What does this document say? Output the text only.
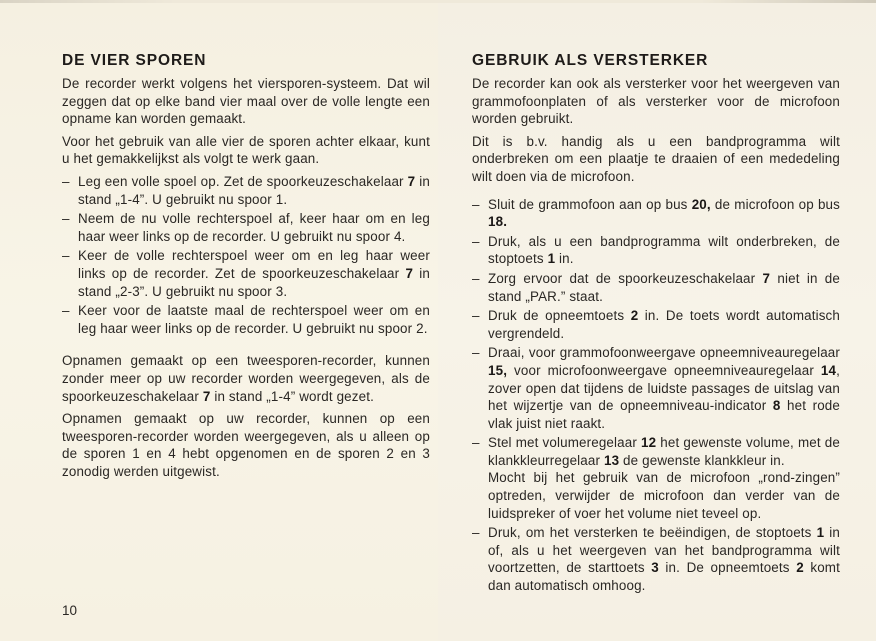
DE VIER SPOREN

De recorder werkt volgens het viersporen-systeem. Dat wil zeggen dat op elke band vier maal over de volle lengte een opname kan worden gemaakt.

Voor het gebruik van alle vier de sporen achter elkaar, kunt u het gemakkelijkst als volgt te werk gaan.

– Leg een volle spoel op. Zet de spoorkeuzeschakelaar 7 in stand „1-4”. U gebruikt nu spoor 1.
– Neem de nu volle rechterspoel af, keer haar om en leg haar weer links op de recorder. U gebruikt nu spoor 4.
– Keer de volle rechterspoel weer om en leg haar weer links op de recorder. Zet de spoorkeuzeschakelaar 7 in stand „2-3”. U gebruikt nu spoor 3.
– Keer voor de laatste maal de rechterspoel weer om en leg haar weer links op de recorder. U gebruikt nu spoor 2.

Opnamen gemaakt op een tweesporen-recorder, kunnen zonder meer op uw recorder worden weergegeven, als de spoorkeuzeschakelaar 7 in stand „1-4” wordt gezet.

Opnamen gemaakt op uw recorder, kunnen op een tweesporen-recorder worden weergegeven, als u alleen op de sporen 1 en 4 hebt opgenomen en de sporen 2 en 3 zonodig werden uitgewist.

10
GEBRUIK ALS VERSTERKER

De recorder kan ook als versterker voor het weergeven van grammofoonplaten of als versterker voor de microfoon worden gebruikt.

Dit is b.v. handig als u een bandprogramma wilt onderbreken om een plaatje te draaien of een mededeling wilt doen via de microfoon.

– Sluit de grammofoon aan op bus 20, de microfoon op bus 18.
– Druk, als u een bandprogramma wilt onderbreken, de stoptoets 1 in.
– Zorg ervoor dat de spoorkeuzeschakelaar 7 niet in de stand „PAR.” staat.
– Druk de opneemtoets 2 in. De toets wordt automatisch vergrendeld.
– Draai, voor grammofoonweergave opneemniveauregelaar 15, voor microfoonweergave opneemniveauregelaar 14, zover open dat tijdens de luidste passages de uitslag van het wijzertje van de opneemniveau-indicator 8 het rode vlak juist niet raakt.
– Stel met volumeregelaar 12 het gewenste volume, met de klankkleurregelaar 13 de gewenste klankkleur in.
Mocht bij het gebruik van de microfoon „rond-zingen” optreden, verwijder de microfoon dan verder van de luidspreker of voer het volume niet teveel op.
– Druk, om het versterken te beëindigen, de stoptoets 1 in of, als u het weergeven van het bandprogramma wilt voortzetten, de starttoets 3 in. De opneemtoets 2 komt dan automatisch omhoog.
